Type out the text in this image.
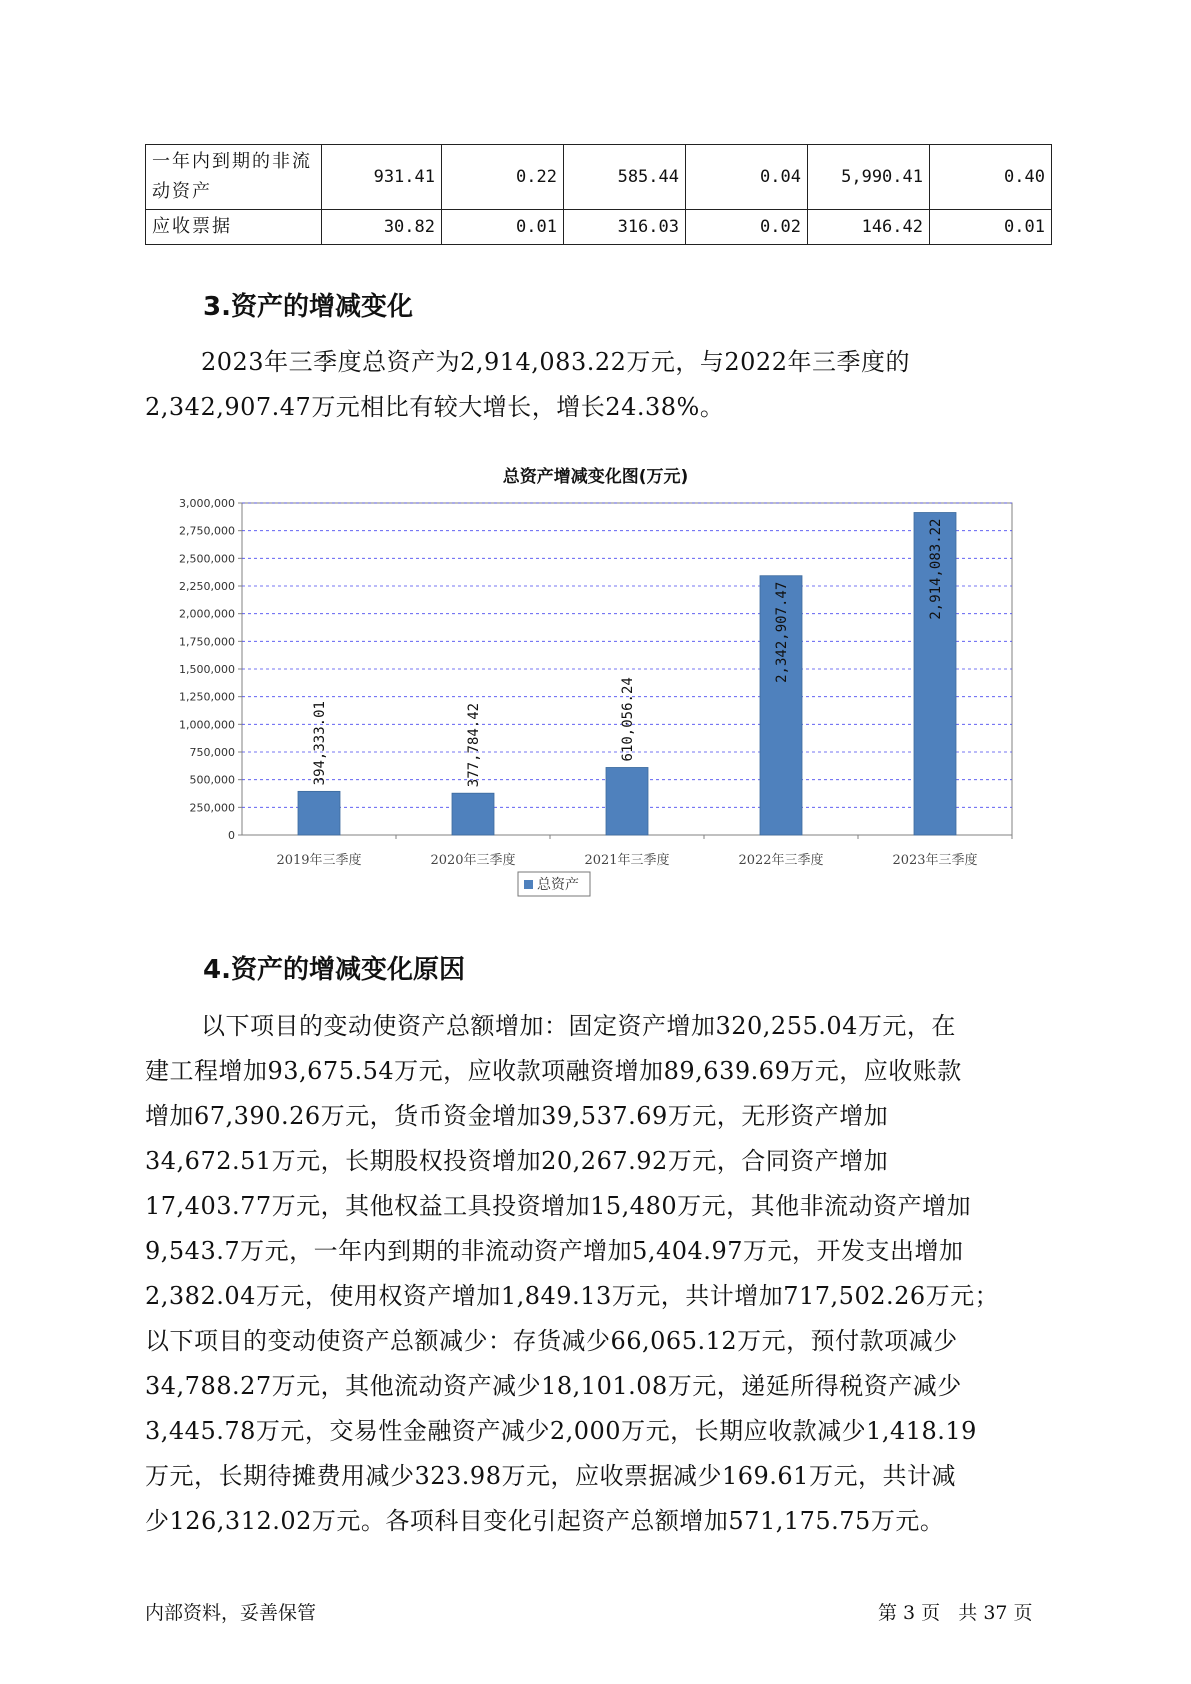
一年内到期的非流
动资产	931.41	0.22	585.44	0.04	5,990.41	0.40
应收票据	30.82	0.01	316.03	0.02	146.42	0.01
3.资产的增减变化

2023年三季度总资产为2,914,083.22万元，与2022年三季度的
2,342,907.47万元相比有较大增长，增长24.38%。

总资产增减变化图(万元)
0
250,000
500,000
750,000
1,000,000
1,250,000
1,500,000
1,750,000
2,000,000
2,250,000
2,500,000
2,750,000
3,000,000
2019年三季度
394,333.01
2020年三季度
377,784.42
2021年三季度
610,056.24
2022年三季度
2,342,907.47
2023年三季度
2,914,083.22
总资产
4.资产的增减变化原因

以下项目的变动使资产总额增加：固定资产增加320,255.04万元，在
建工程增加93,675.54万元，应收款项融资增加89,639.69万元，应收账款
增加67,390.26万元，货币资金增加39,537.69万元，无形资产增加
34,672.51万元，长期股权投资增加20,267.92万元，合同资产增加
17,403.77万元，其他权益工具投资增加15,480万元，其他非流动资产增加
9,543.7万元，一年内到期的非流动资产增加5,404.97万元，开发支出增加
2,382.04万元，使用权资产增加1,849.13万元，共计增加717,502.26万元；
以下项目的变动使资产总额减少：存货减少66,065.12万元，预付款项减少
34,788.27万元，其他流动资产减少18,101.08万元，递延所得税资产减少
3,445.78万元，交易性金融资产减少2,000万元，长期应收款减少1,418.19
万元，长期待摊费用减少323.98万元，应收票据减少169.61万元，共计减
少126,312.02万元。各项科目变化引起资产总额增加571,175.75万元。

内部资料，妥善保管	第 3 页   共 37 页
